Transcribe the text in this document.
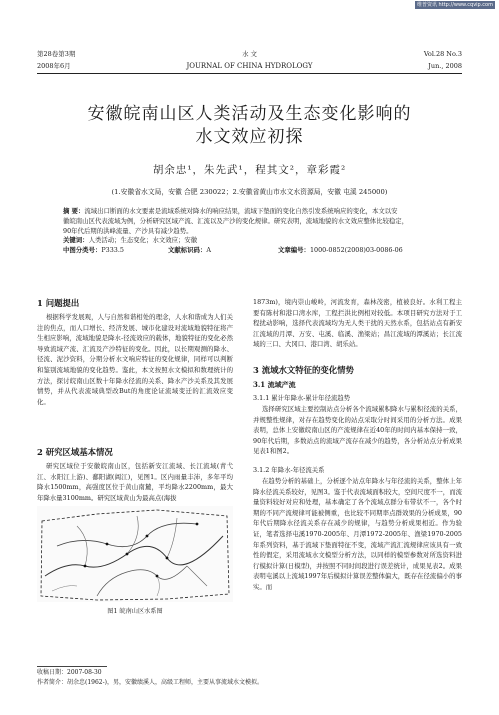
维普资讯 http://www.cqvip.com
第28卷第3期
2008年6月
水 文
JOURNAL OF CHINA HYDROLOGY
Vol.28 No.3
Jun., 2008
安徽皖南山区人类活动及生态变化影响的
水文效应初探
胡余忠¹，朱先武¹，程其文²，章彩霞²
(1.安徽省水文局，安徽 合肥 230022；2.安徽省黄山市水文水资源局，安徽 屯溪 245000)
摘 要：流域出口断面的水文要素是流域系统对降水的响应结果，流域下垫面的变化自然引发系统响应的变化，本文以安
徽皖南山区代表流域为例，分析研究区域产流、汇流以及产沙的变化规律。研究表明，流域地貌的水文效应整体比较稳定，
90年代后期的洪峰流量、产沙具有减少趋势。
关键词：人类活动；生态变化；水文效应；安徽
中图分类号：P333.5	文献标识码：A	文章编号：1000-0852(2008)03-0086-06
1 问题提出

根据科学发展观，人与自然和谐相处的理念，人水和谐成为人们关注的焦点，而人口增长、经济发展、城市化建设对流域地貌特征将产生相应影响，流域地貌是降水-径流效应的载体，地貌特征的变化必然导致流域产流、汇流及产沙特征的变化。因此，以长期观测的降水、径流、泥沙资料，分期分析水文响应特征的变化规律，同样可以判断和鉴别流域地貌的变化趋势。鉴此，本文按照水文模拟和数理统计的方法，探讨皖南山区数十年降水径流的关系、降水产沙关系及其发展情势，并从代表流域典型改But的角度论证流域变迁的汇流效应变化。

2 研究区域基本情况

研究区域位于安徽皖南山区，包括新安江流域、长江流域(青弋江、水阳江上游)、鄱阳湖(阊江)，见图1。区内雨量丰沛，多年平均降水1500mm，高强度区位于黄山南麓，平均降水2200mm，最大年降水量3100mm。研究区域黄山为最高点(海拔

图1 皖南山区水系图

1873m)，境内崇山峻岭，河流发育，森林茂密，植被良好。水利工程主要有陈村和港口湾水库，工程拦洪比例相对较低。本项目研究方法对于工程扰动影响，选择代表流域均为无人类干扰的天然水系，包括站点有新安江流域的月潭、万安、屯溪、临溪、渔梁站；昌江流域的潭溪站；长江流域的三口、大冈口、港口湾、胡乐站。

3 流域水文特征的变化情势
3.1 流域产流
3.1.1 累计年降水-累计年径流趋势

选择研究区域主要控制站点分析各个流域累积降水与累积径流的关系，并规整性规律，对存在趋势变化的站点采取分时间采用的分析方法。成果表明，总体上安徽皖南山区的产流规律在近40年的时间内基本保持一致，90年代后期，多数站点的流域产流存在减少的趋势，各分析站点分析成果见表1和图2。

3.1.2 年降水-年径流关系

在趋势分析的基础上，分析逐个站点年降水与年径流的关系，整体上年降水径流关系较好，见图3。鉴于代表流域面积较大，空间尺度不一，而流量资料较好对应和处理，基本确定了各个流域点群分布带状不一，各个时期的不同产流规律可能被侧重，也比较不同期率点群效果的分析成果，90年代后期降水径流关系存在减少的规律，与趋势分析成果相近。作为验证，笔者选择屯溪1970-2005年、月潭1972-2005年、渔梁1970-2005年系列资料，基于流域下垫面特征不变，流域产流汇流规律应该具有一致性的假定，采用流域水文模型分析方法，以同样的模型参数对所选资料进行模拟计算(日模型)，并按照不同时间段进行误差统计，成果见表2。成果表明屯溪以上流域1997年后模拟计算误差整体偏大，既存在径流偏小的事实。而

收稿日期：2007-08-30
作者简介：胡余忠(1962-)，男，安徽绩溪人，高级工程师，主要从事流域水文模拟。
